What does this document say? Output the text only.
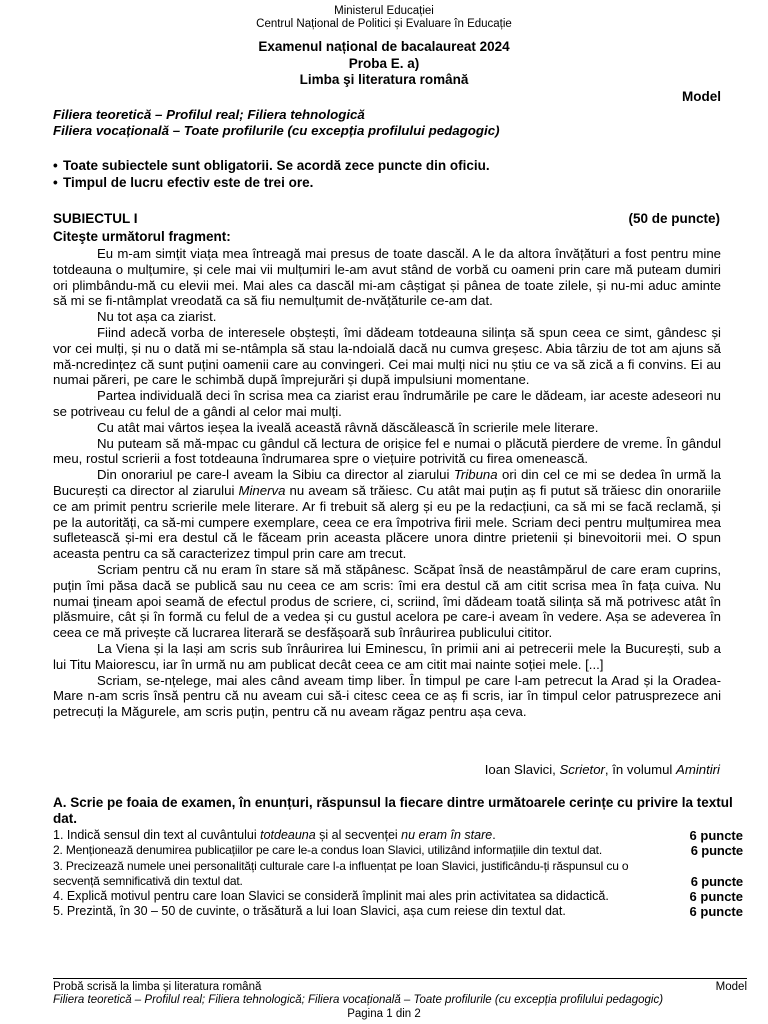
Ministerul Educației
Centrul Național de Politici și Evaluare în Educație
Examenul național de bacalaureat 2024
Proba E. a)
Limba şi literatura română
Model
Filiera teoretică – Profilul real; Filiera tehnologică
Filiera vocațională – Toate profilurile (cu excepția profilului pedagogic)
• Toate subiectele sunt obligatorii. Se acordă zece puncte din oficiu.
• Timpul de lucru efectiv este de trei ore.
SUBIECTUL I	(50 de puncte)
Citeşte următorul fragment:

Eu m-am simțit viața mea întreagă mai presus de toate dascăl. A le da altora învățături a fost pentru mine totdeauna o mulțumire, și cele mai vii mulțumiri le-am avut stând de vorbă cu oameni prin care mă puteam dumiri ori plimbându-mă cu elevii mei. Mai ales ca dascăl mi-am câștigat și pânea de toate zilele, și nu-mi aduc aminte să mi se fi-ntâmplat vreodată ca să fiu nemulțumit de-nvățăturile ce-am dat.

Nu tot așa ca ziarist.

Fiind adecă vorba de interesele obștești, îmi dădeam totdeauna silința să spun ceea ce simt, gândesc și vor cei mulți, și nu o dată mi se-ntâmpla să stau la-ndoială dacă nu cumva greșesc. Abia târziu de tot am ajuns să mă-ncredințez că sunt puțini oamenii care au convingeri. Cei mai mulți nici nu știu ce va să zică a fi convins. Ei au numai păreri, pe care le schimbă după împrejurări și după impulsiuni momentane.

Partea individuală deci în scrisa mea ca ziarist erau îndrumările pe care le dădeam, iar aceste adeseori nu se potriveau cu felul de a gândi al celor mai mulți.

Cu atât mai vârtos ieșea la iveală această râvnă dăscălească în scrierile mele literare.

Nu puteam să mă-mpac cu gândul că lectura de orișice fel e numai o plăcută pierdere de vreme. În gândul meu, rostul scrierii a fost totdeauna îndrumarea spre o viețuire potrivită cu firea omenească.

Din onorariul pe care-l aveam la Sibiu ca director al ziarului Tribuna ori din cel ce mi se dedea în urmă la București ca director al ziarului Minerva nu aveam să trăiesc. Cu atât mai puțin aș fi putut să trăiesc din onorariile ce am primit pentru scrierile mele literare. Ar fi trebuit să alerg și eu pe la redacțiuni, ca să mi se facă reclamă, și pe la autorități, ca să-mi cumpere exemplare, ceea ce era împotriva firii mele. Scriam deci pentru mulțumirea mea sufletească și-mi era destul că le făceam prin aceasta plăcere unora dintre prietenii și binevoitorii mei. O spun aceasta pentru ca să caracterizez timpul prin care am trecut.

Scriam pentru că nu eram în stare să mă stăpânesc. Scăpat însă de neastâmpărul de care eram cuprins, puțin îmi păsa dacă se publică sau nu ceea ce am scris: îmi era destul că am citit scrisa mea în fața cuiva. Nu numai țineam apoi seamă de efectul produs de scriere, ci, scriind, îmi dădeam toată silința să mă potrivesc atât în plăsmuire, cât și în formă cu felul de a vedea și cu gustul acelora pe care-i aveam în vedere. Așa se adeverea în ceea ce mă privește că lucrarea literară se desfășoară sub înrâurirea publicului cititor.

La Viena și la Iași am scris sub înrâurirea lui Eminescu, în primii ani ai petrecerii mele la București, sub a lui Titu Maiorescu, iar în urmă nu am publicat decât ceea ce am citit mai nainte soției mele. [...]

Scriam, se-nțelege, mai ales când aveam timp liber. În timpul pe care l-am petrecut la Arad și la Oradea-Mare n-am scris însă pentru că nu aveam cui să-i citesc ceea ce aș fi scris, iar în timpul celor patrusprezece ani petrecuți la Măgurele, am scris puțin, pentru că nu aveam răgaz pentru așa ceva.

Ioan Slavici, Scrietor, în volumul Amintiri
A. Scrie pe foaia de examen, în enunțuri, răspunsul la fiecare dintre următoarele cerințe cu privire la textul dat.
1. Indică sensul din text al cuvântului totdeauna și al secvenței nu eram în stare.	6 puncte
2. Menționează denumirea publicațiilor pe care le-a condus Ioan Slavici, utilizând informațiile din textul dat.	6 puncte
3. Precizează numele unei personalități culturale care l-a influențat pe Ioan Slavici, justificându-ți răspunsul cu o secvență semnificativă din textul dat.	6 puncte
4. Explică motivul pentru care Ioan Slavici se consideră împlinit mai ales prin activitatea sa didactică.	6 puncte
5. Prezintă, în 30 – 50 de cuvinte, o trăsătură a lui Ioan Slavici, așa cum reiese din textul dat.	6 puncte
Probă scrisă la limba și literatura română	Model
Filiera teoretică – Profilul real; Filiera tehnologică; Filiera vocațională – Toate profilurile (cu excepția profilului pedagogic)
Pagina 1 din 2
